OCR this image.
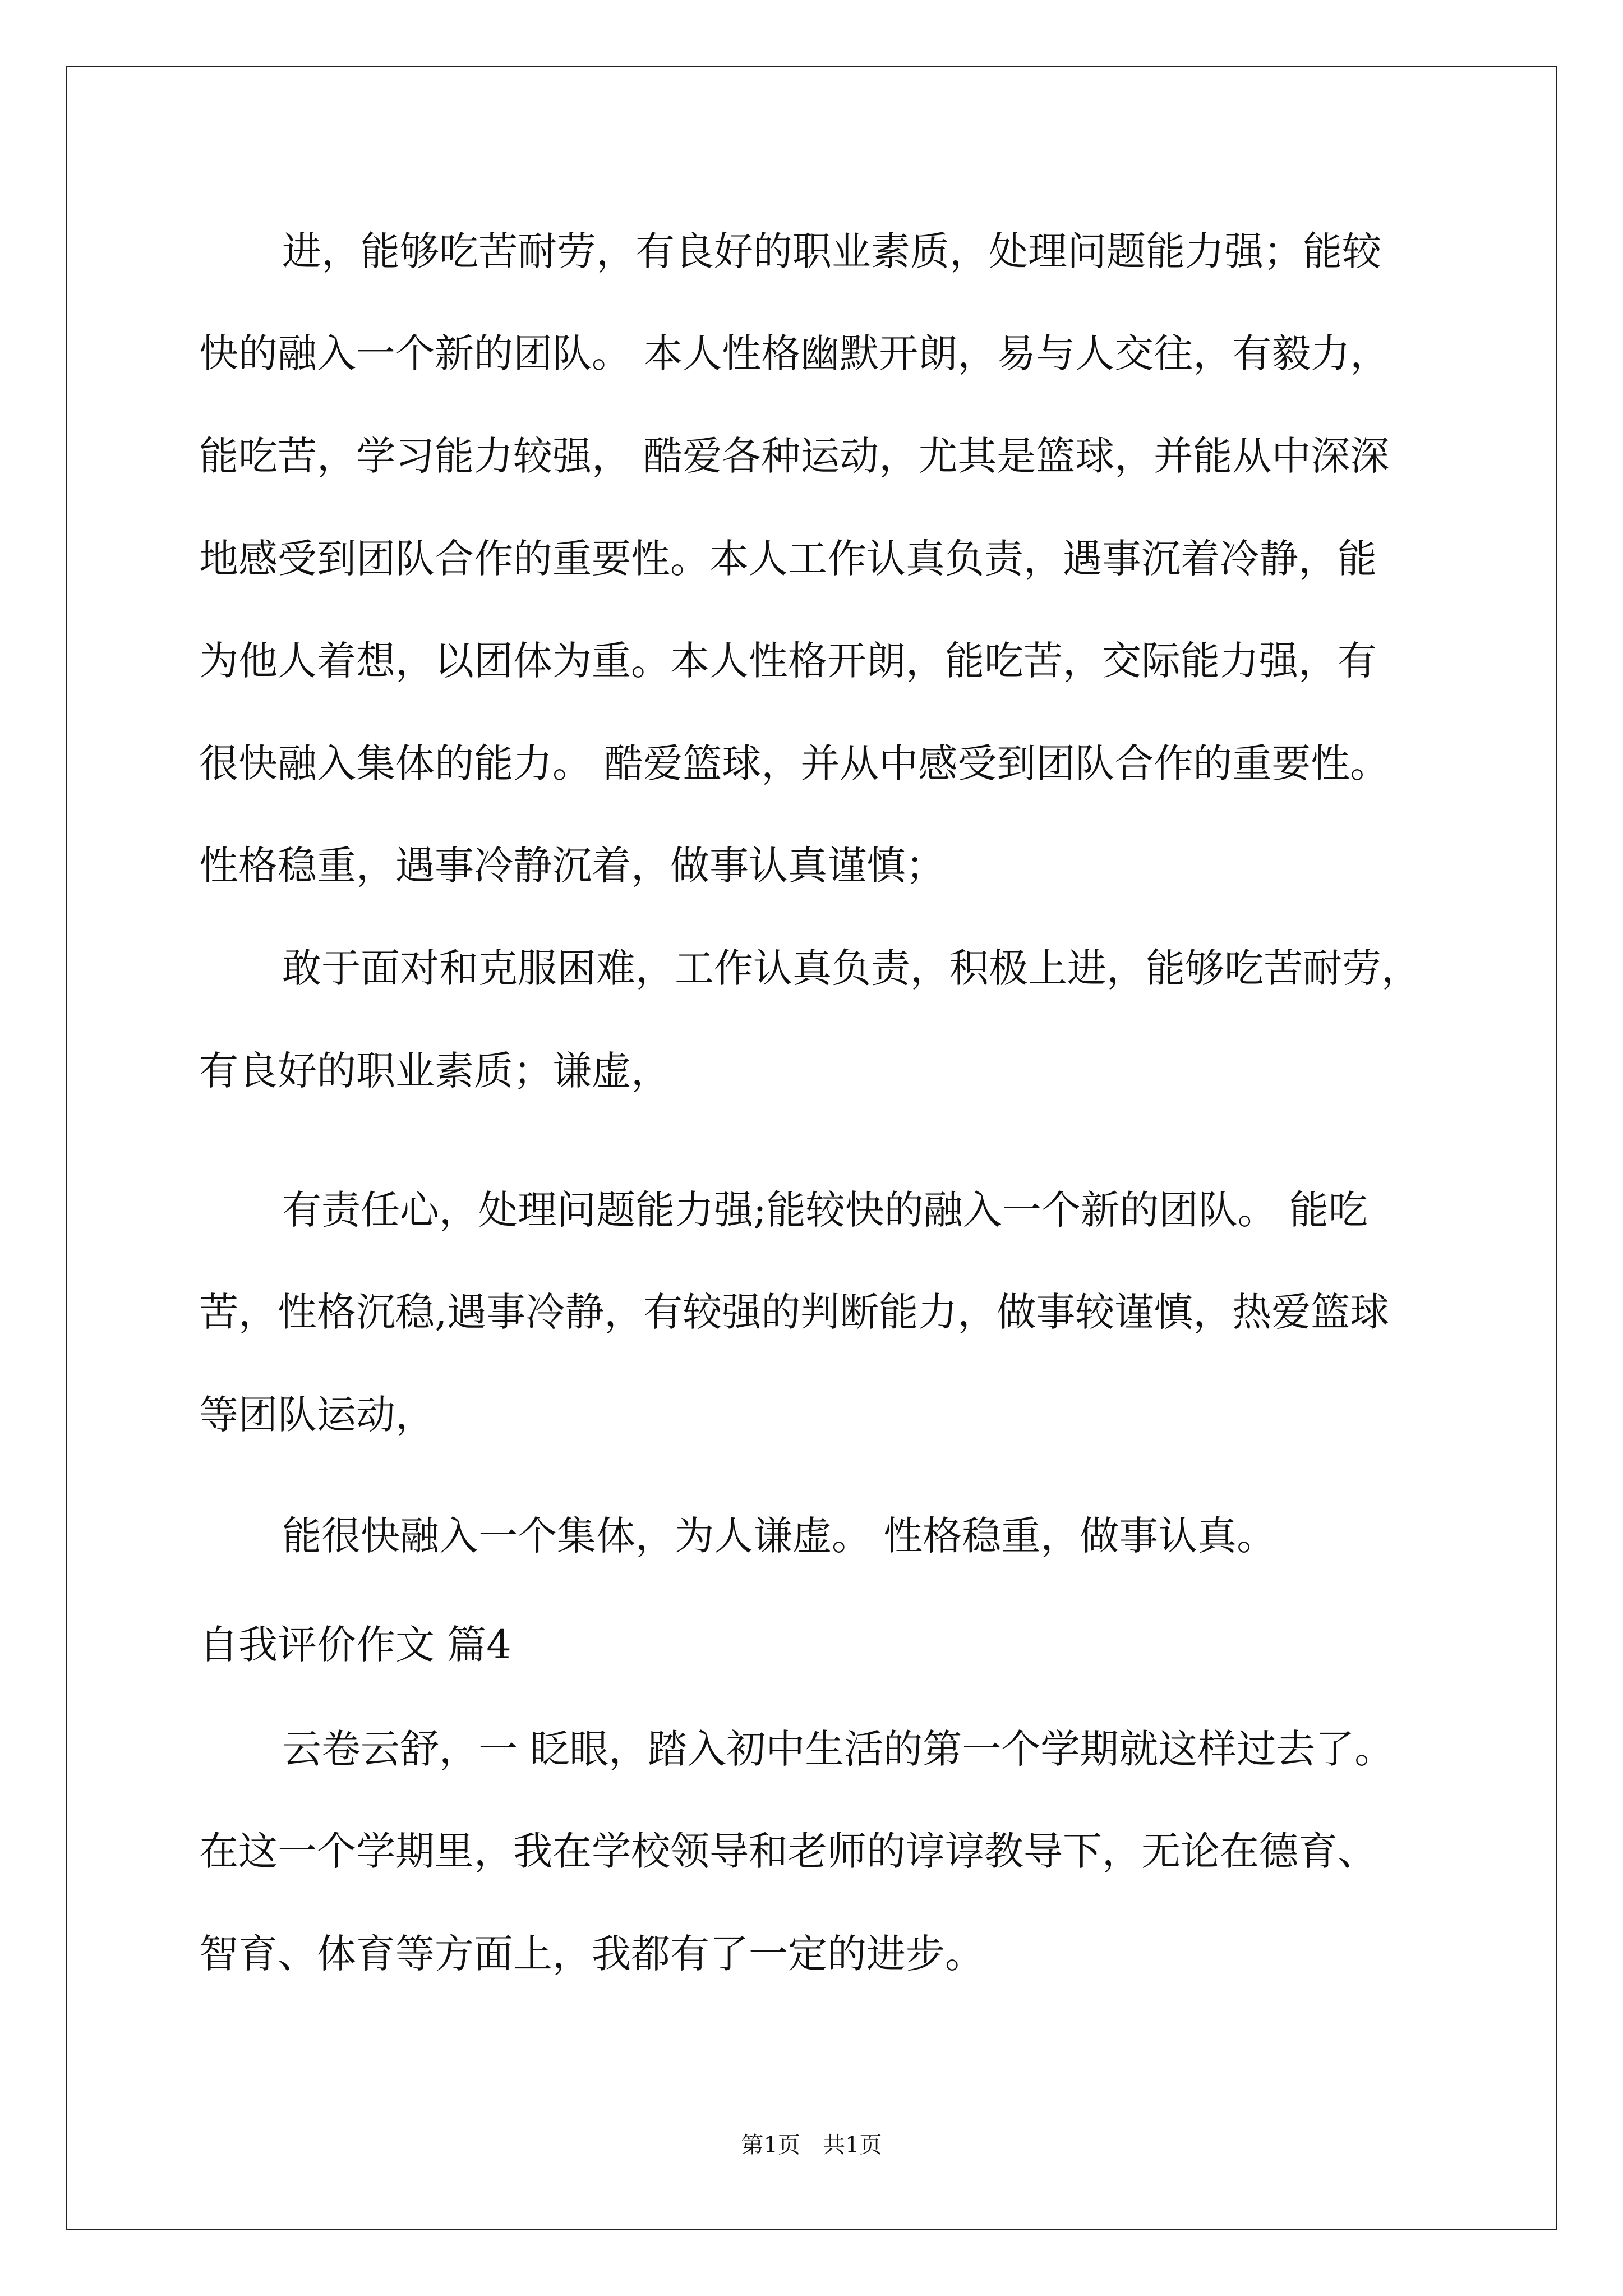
进，能够吃苦耐劳，有良好的职业素质，处理问题能力强；能较
快的融入一个新的团队。 本人性格幽默开朗，易与人交往，有毅力，
能吃苦，学习能力较强， 酷爱各种运动，尤其是篮球，并能从中深深
地感受到团队合作的重要性。本人工作认真负责，遇事沉着冷静，能
为他人着想，以团体为重。本人性格开朗，能吃苦，交际能力强，有
很快融入集体的能力。 酷爱篮球，并从中感受到团队合作的重要性。
性格稳重，遇事冷静沉着，做事认真谨慎；
敢于面对和克服困难，工作认真负责，积极上进，能够吃苦耐劳，
有良好的职业素质；谦虚，
有责任心，处理问题能力强;能较快的融入一个新的团队。 能吃
苦，性格沉稳,遇事冷静，有较强的判断能力，做事较谨慎，热爱篮球
等团队运动，
能很快融入一个集体，为人谦虚。 性格稳重，做事认真。
自我评价作文 篇4
云卷云舒，一 眨眼，踏入初中生活的第一个学期就这样过去了。
在这一个学期里，我在学校领导和老师的谆谆教导下，无论在德育、
智育、体育等方面上，我都有了一定的进步。
第1页　共1页
